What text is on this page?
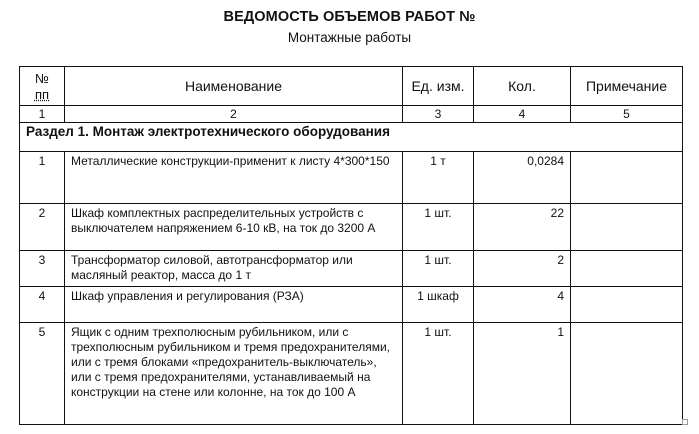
ВЕДОМОСТЬ ОБЪЕМОВ РАБОТ №
Монтажные работы
№
пп	Наименование	Ед. изм.	Кол.	Примечание
1	2	3	4	5
Раздел 1. Монтаж электротехнического оборудования				
1	Металлические конструкции-применит к листу 4*300*150	1 т	0,0284	
2	Шкаф комплектных распределительных устройств с выключателем напряжением 6-10 кВ, на ток до 3200 А	1 шт.	22	
3	Трансформатор силовой, автотрансформатор или масляный реактор, масса до 1 т	1 шт.	2	
4	Шкаф управления и регулирования (РЗА)	1 шкаф	4	
5	Ящик с одним трехполюсным рубильником, или с трехполюсным рубильником и тремя предохранителями, или с тремя блоками «предохранитель-выключатель», или с тремя предохранителями, устанавливаемый на конструкции на стене или колонне, на ток до 100 А	1 шт.	1	
